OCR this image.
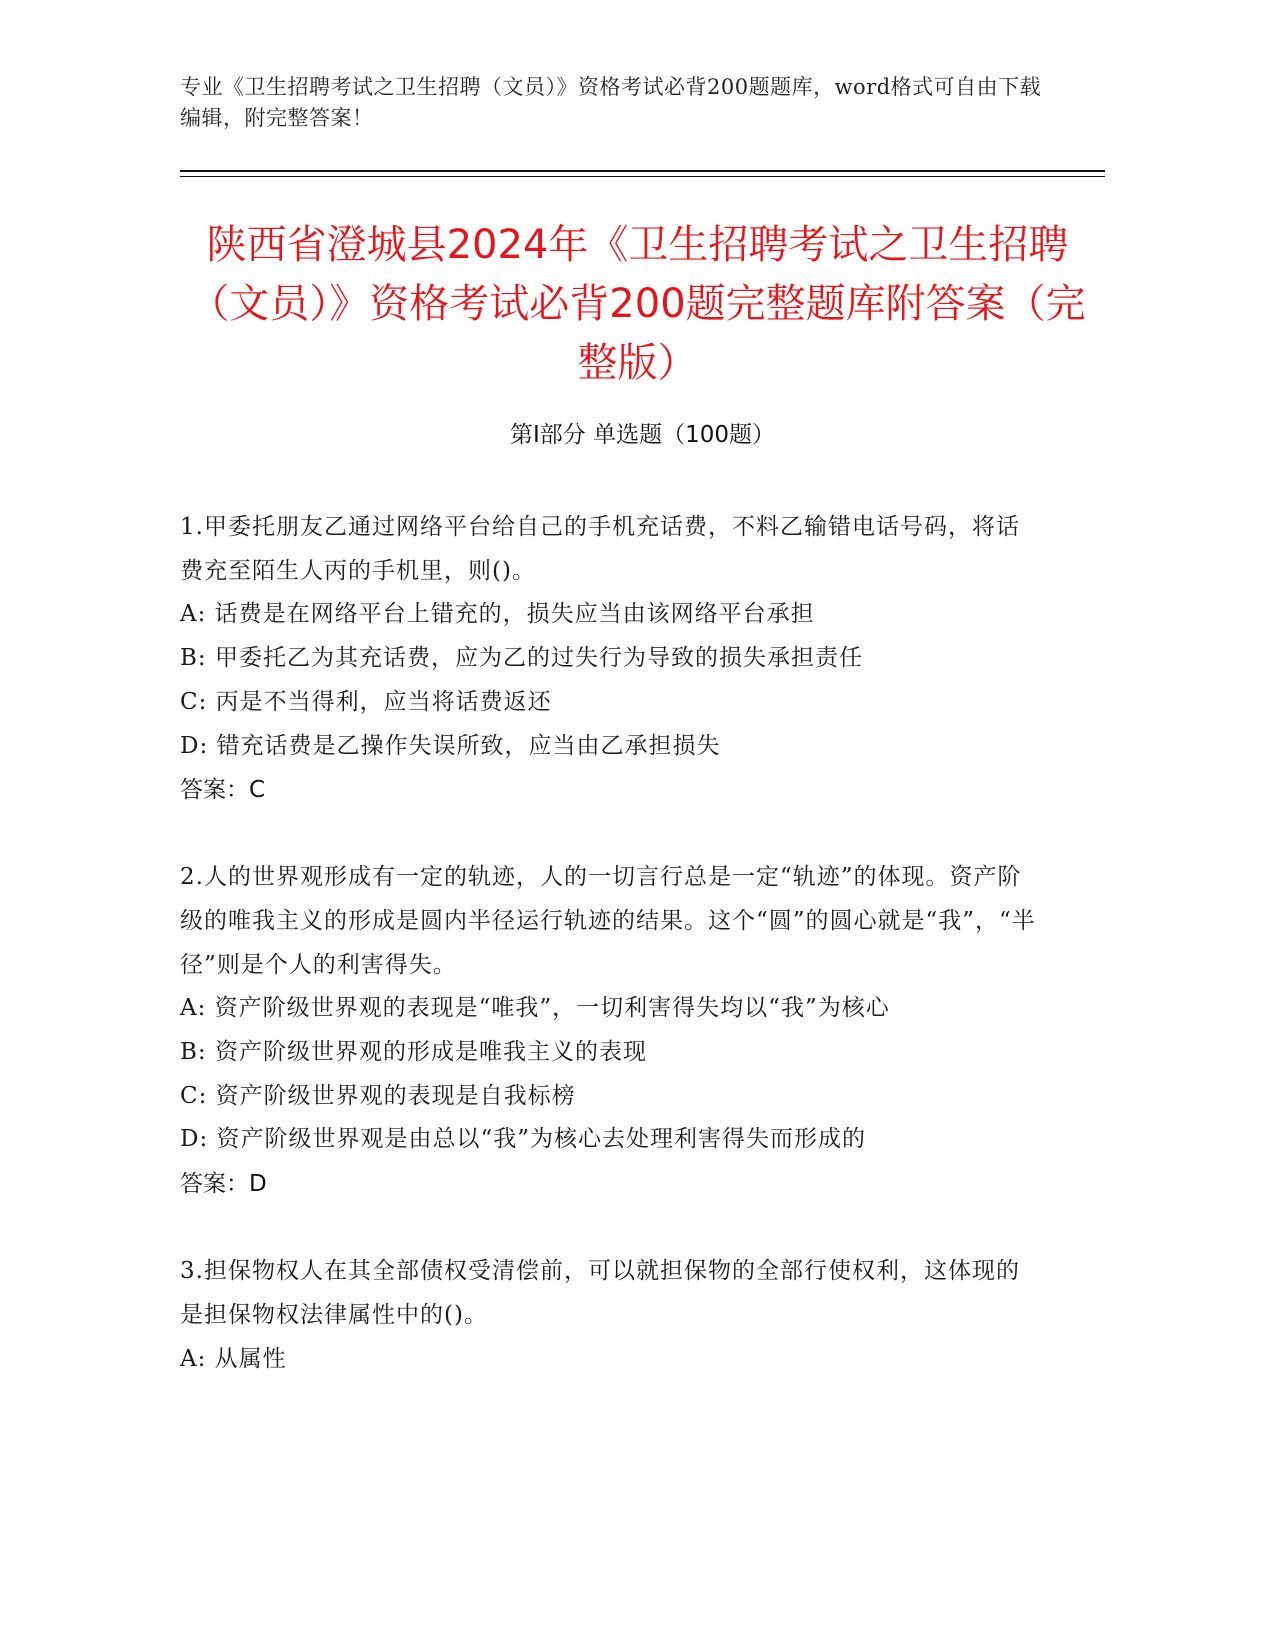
专业《卫生招聘考试之卫生招聘（文员）》资格考试必背200题题库，word格式可自由下载编辑，附完整答案！
陕西省澄城县2024年《卫生招聘考试之卫生招聘（文员）》资格考试必背200题完整题库附答案（完整版）
第Ⅰ部分 单选题（100题）

1.甲委托朋友乙通过网络平台给自己的手机充话费，不料乙输错电话号码，将话费充至陌生人丙的手机里，则()。

A: 话费是在网络平台上错充的，损失应当由该网络平台承担

B: 甲委托乙为其充话费，应为乙的过失行为导致的损失承担责任

C: 丙是不当得利，应当将话费返还

D: 错充话费是乙操作失误所致，应当由乙承担损失

答案：C

2.人的世界观形成有一定的轨迹，人的一切言行总是一定“轨迹”的体现。资产阶级的唯我主义的形成是圆内半径运行轨迹的结果。这个“圆”的圆心就是“我”，“半径”则是个人的利害得失。

A: 资产阶级世界观的表现是“唯我”，一切利害得失均以“我”为核心

B: 资产阶级世界观的形成是唯我主义的表现

C: 资产阶级世界观的表现是自我标榜

D: 资产阶级世界观是由总以“我”为核心去处理利害得失而形成的

答案：D

3.担保物权人在其全部债权受清偿前，可以就担保物的全部行使权利，这体现的是担保物权法律属性中的()。

A: 从属性
